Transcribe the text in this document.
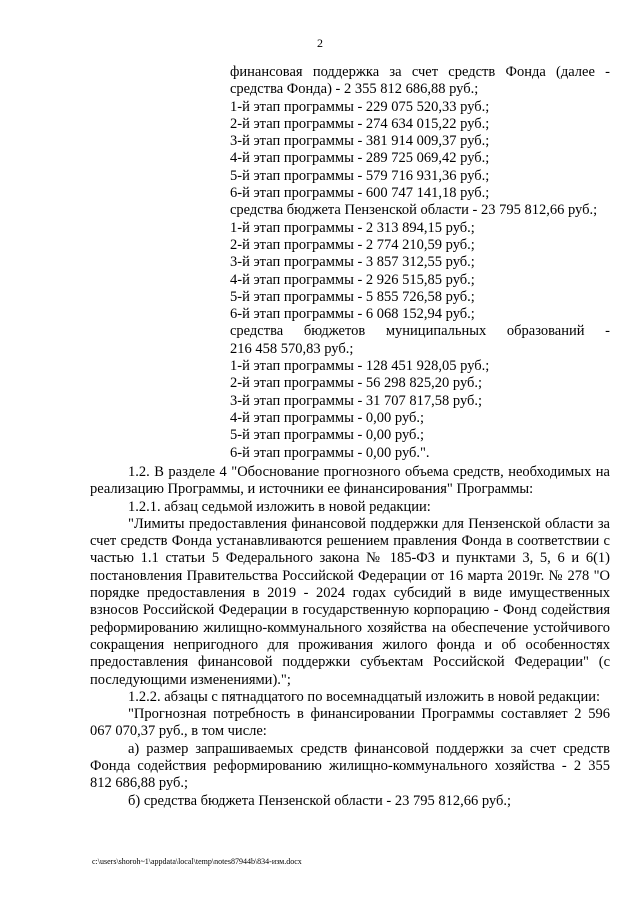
2
финансовая поддержка за счет средств Фонда (далее -
средства Фонда) - 2 355 812 686,88 руб.;
1-й этап программы - 229 075 520,33 руб.;
2-й этап программы - 274 634 015,22 руб.;
3-й этап программы - 381 914 009,37 руб.;
4-й этап программы - 289 725 069,42 руб.;
5-й этап программы - 579 716 931,36 руб.;
6-й этап программы - 600 747 141,18 руб.;
средства бюджета Пензенской области - 23 795 812,66 руб.;
1-й этап программы - 2 313 894,15 руб.;
2-й этап программы - 2 774 210,59 руб.;
3-й этап программы - 3 857 312,55 руб.;
4-й этап программы - 2 926 515,85 руб.;
5-й этап программы - 5 855 726,58 руб.;
6-й этап программы - 6 068 152,94 руб.;
средства бюджетов муниципальных образований -
216 458 570,83 руб.;
1-й этап программы - 128 451 928,05 руб.;
2-й этап программы - 56 298 825,20 руб.;
3-й этап программы - 31 707 817,58 руб.;
4-й этап программы - 0,00 руб.;
5-й этап программы - 0,00 руб.;
6-й этап программы - 0,00 руб.".

1.2. В разделе 4 "Обоснование прогнозного объема средств, необходимых на реализацию Программы, и источники ее финансирования" Программы:

1.2.1. абзац седьмой изложить в новой редакции:

"Лимиты предоставления финансовой поддержки для Пензенской области за счет средств Фонда устанавливаются решением правления Фонда в соответствии с частью 1.1 статьи 5 Федерального закона № 185-ФЗ и пунктами 3, 5, 6 и 6(1) постановления Правительства Российской Федерации от 16 марта 2019г. № 278 "О порядке предоставления в 2019 - 2024 годах субсидий в виде имущественных взносов Российской Федерации в государственную корпорацию - Фонд содействия реформированию жилищно-коммунального хозяйства на обеспечение устойчивого сокращения непригодного для проживания жилого фонда и об особенностях предоставления финансовой поддержки субъектам Российской Федерации" (с последующими изменениями).";

1.2.2. абзацы с пятнадцатого по восемнадцатый изложить в новой редакции:

"Прогнозная потребность в финансировании Программы составляет 2 596 067 070,37 руб., в том числе:

а) размер запрашиваемых средств финансовой поддержки за счет средств Фонда содействия реформированию жилищно-коммунального хозяйства - 2 355 812 686,88 руб.;

б) средства бюджета Пензенской области - 23 795 812,66 руб.;

c:\users\shoroh~1\appdata\local\temp\notes87944b\834-изм.docx
